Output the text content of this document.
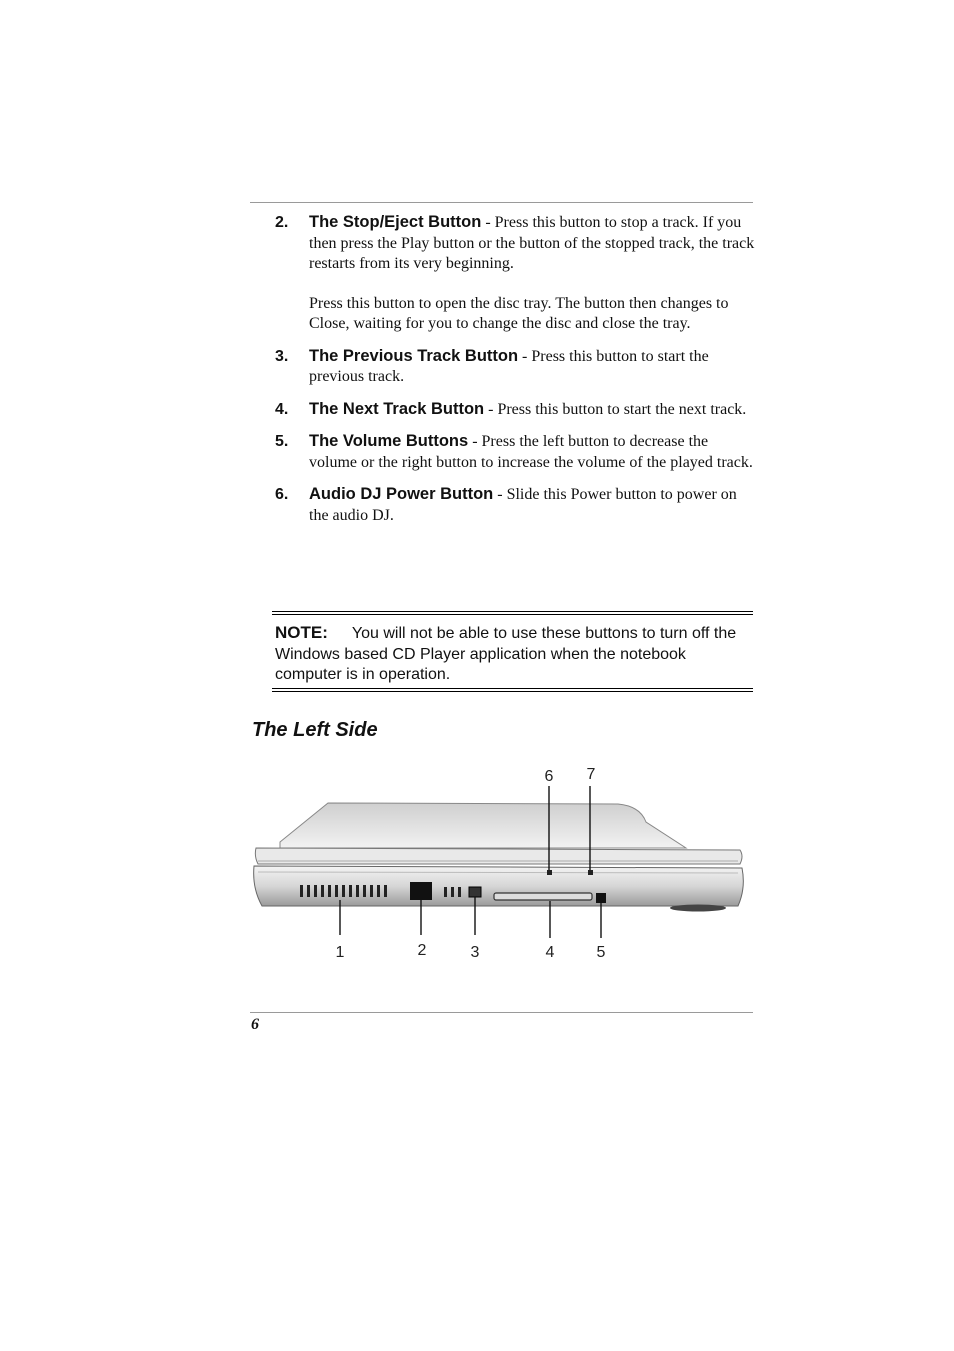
2. The Stop/Eject Button - Press this button to stop a track. If you then press the Play button or the button of the stopped track, the track restarts from its very beginning.
Press this button to open the disc tray. The button then changes to Close, waiting for you to change the disc and close the tray.
3. The Previous Track Button - Press this button to start the previous track.
4. The Next Track Button - Press this button to start the next track.
5. The Volume Buttons - Press the left button to decrease the volume or the right button to increase the volume of the played track.
6. Audio DJ Power Button - Slide this Power button to power on the audio DJ.

NOTE: You will not be able to use these buttons to turn off the Windows based CD Player application when the notebook computer is in operation.

The Left Side
6 7
1	2	3	4	5

6
